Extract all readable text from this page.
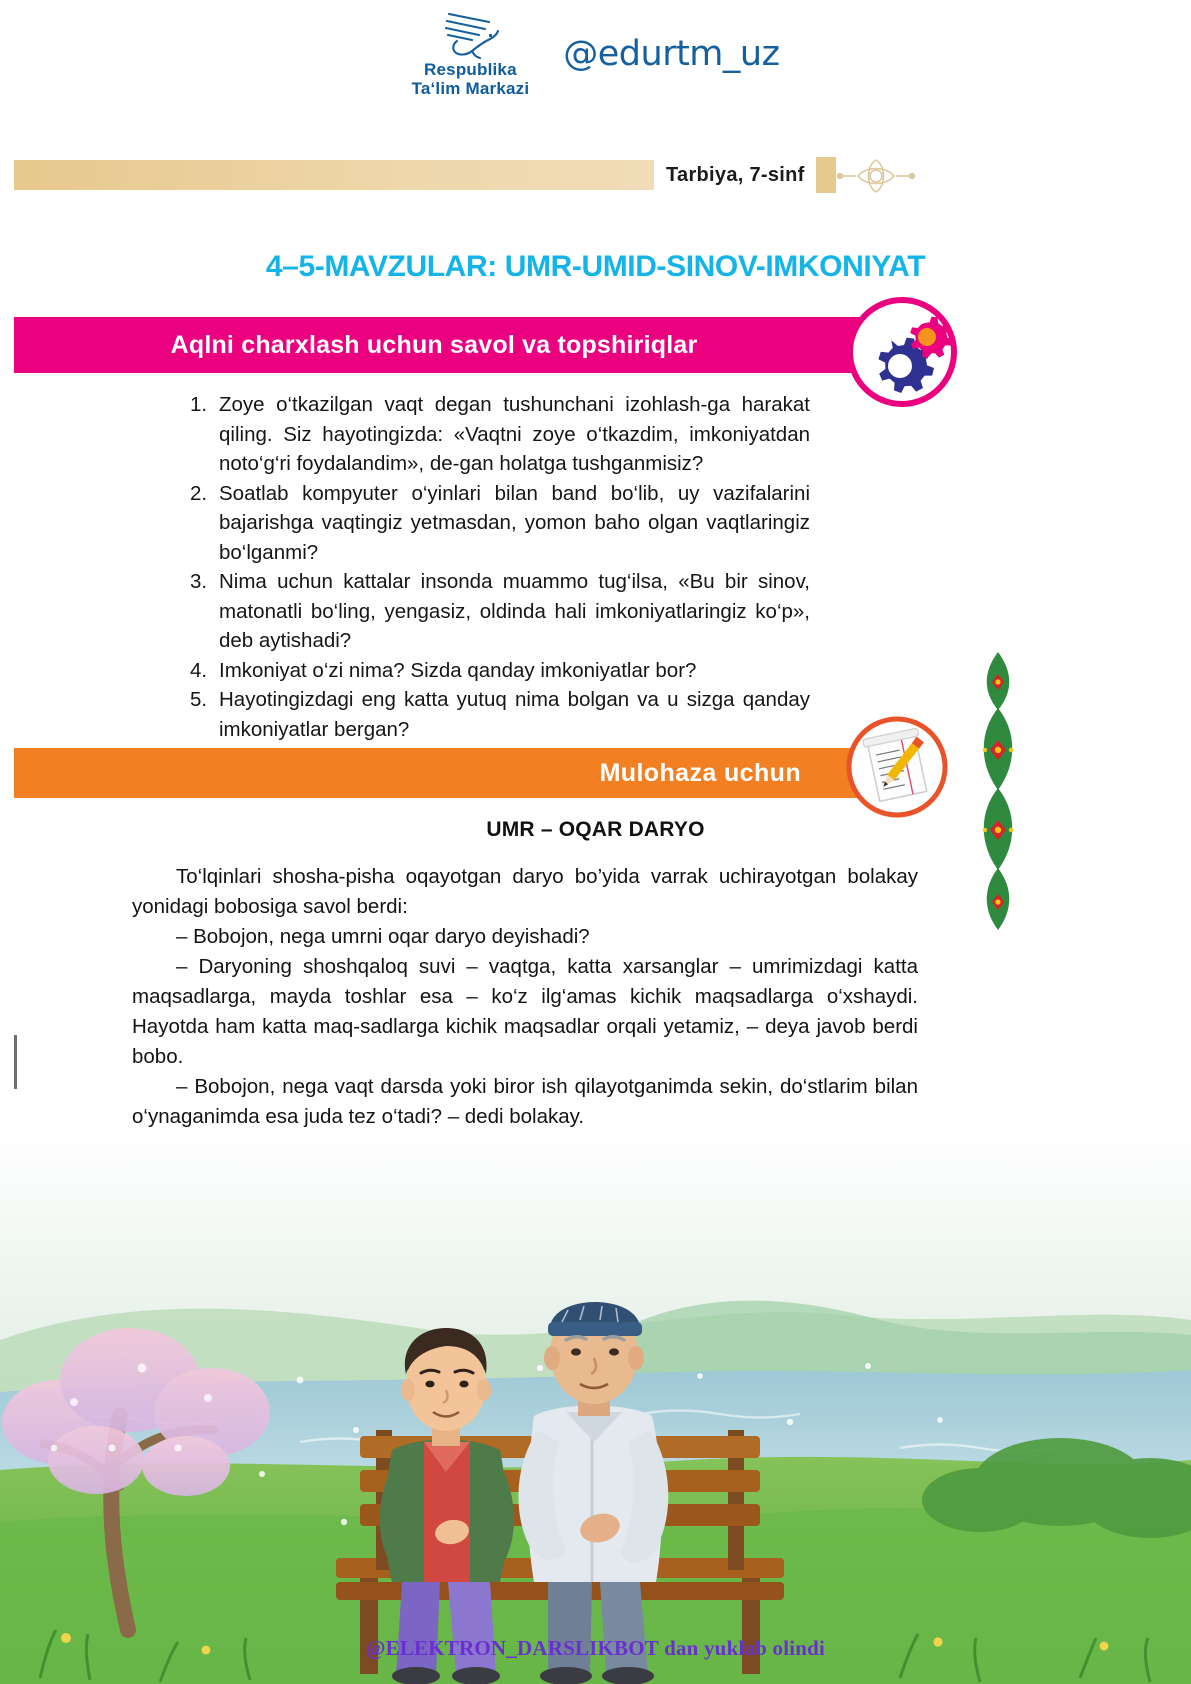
Respublika
Ta‘lim Markazi
@edurtm_uz
Tarbiya, 7-sinf
4–5-MAVZULAR: UMR-UMID-SINOV-IMKONIYAT
Aqlni charxlash uchun savol va topshiriqlar
1. Zoye o‘tkazilgan vaqt degan tushunchani izohlash-ga harakat qiling. Siz hayotingizda: «Vaqtni zoye o‘tkazdim, imkoniyatdan noto‘g‘ri foydalandim», de-gan holatga tushganmisiz?
2. Soatlab kompyuter o‘yinlari bilan band bo‘lib, uy vazifalarini bajarishga vaqtingiz yetmasdan, yomon baho olgan vaqtlaringiz bo‘lganmi?
3. Nima uchun kattalar insonda muammo tug‘ilsa, «Bu bir sinov, matonatli bo‘ling, yengasiz, oldinda hali imkoniyatlaringiz ko‘p», deb aytishadi?
4. Imkoniyat o‘zi nima? Sizda qanday imkoniyatlar bor?
5. Hayotingizdagi eng katta yutuq nima bolgan va u sizga qanday imkoniyatlar bergan?
Mulohaza uchun
UMR – OQAR DARYO

To‘lqinlari shosha-pisha oqayotgan daryo bo’yida varrak uchirayotgan bolakay yonidagi bobosiga savol berdi:

– Bobojon, nega umrni oqar daryo deyishadi?

– Daryoning shoshqaloq suvi – vaqtga, katta xarsanglar – umrimizdagi katta maqsadlarga, mayda toshlar esa – ko‘z ilg‘amas kichik maqsadlarga o‘xshaydi. Hayotda ham katta maq-sadlarga kichik maqsadlar orqali yetamiz, – deya javob berdi bobo.

– Bobojon, nega vaqt darsda yoki biror ish qilayotganimda sekin, do‘stlarim bilan o‘ynaganimda esa juda tez o‘tadi? – dedi bolakay.

@ELEKTRON_DARSLIKBOT dan yuklab olindi
